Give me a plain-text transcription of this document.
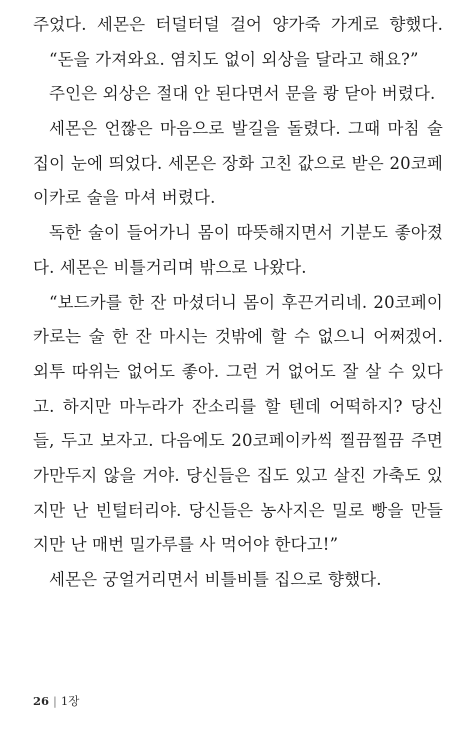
주었다. 세몬은 터덜터덜 걸어 양가죽 가게로 향했다.
“돈을 가져와요. 염치도 없이 외상을 달라고 해요?”
주인은 외상은 절대 안 된다면서 문을 쾅 닫아 버렸다.
세몬은 언짢은 마음으로 발길을 돌렸다. 그때 마침 술
집이 눈에 띄었다. 세몬은 장화 고친 값으로 받은 20코페
이카로 술을 마셔 버렸다.
독한 술이 들어가니 몸이 따뜻해지면서 기분도 좋아졌
다. 세몬은 비틀거리며 밖으로 나왔다.
“보드카를 한 잔 마셨더니 몸이 후끈거리네. 20코페이
카로는 술 한 잔 마시는 것밖에 할 수 없으니 어쩌겠어.
외투 따위는 없어도 좋아. 그런 거 없어도 잘 살 수 있다
고. 하지만 마누라가 잔소리를 할 텐데 어떡하지? 당신
들, 두고 보자고. 다음에도 20코페이카씩 찔끔찔끔 주면
가만두지 않을 거야. 당신들은 집도 있고 살진 가축도 있
지만 난 빈털터리야. 당신들은 농사지은 밀로 빵을 만들
지만 난 매번 밀가루를 사 먹어야 한다고!”
세몬은 궁얼거리면서 비틀비틀 집으로 향했다.
26 | 1장
